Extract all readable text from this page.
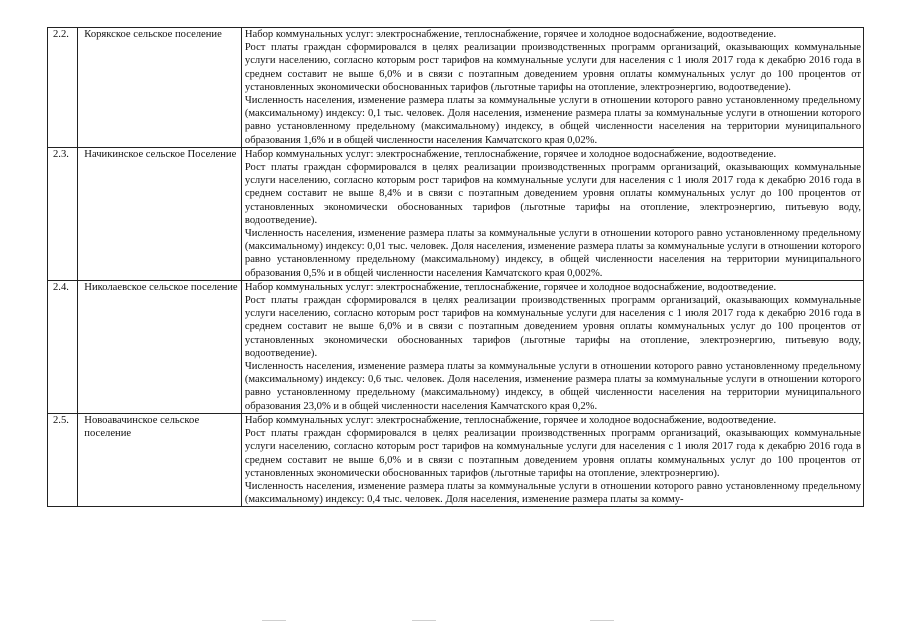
2.2.	Корякское сельское поселение	Набор коммунальных услуг: электроснабжение, теплоснабжение, горячее и холодное водоснабжение, водоотведение.

Рост платы граждан сформировался в целях реализации производственных программ организаций, оказывающих коммунальные услуги населению, согласно которым рост тарифов на коммунальные услуги для населения с 1 июля 2017 года к декабрю 2016 года в среднем составит не выше 6,0% и в связи с поэтапным доведением уровня оплаты коммунальных услуг до 100 процентов от установленных экономически обоснованных тарифов (льготные тарифы на отопление, электроэнергию, водоотведение).

Численность населения, изменение размера платы за коммунальные услуги в отношении которого равно установленному предельному (максимальному) индексу: 0,1 тыс. человек. Доля населения, изменение размера платы за коммунальные услуги в отношении которого равно установленному предельному (максимальному) индексу, в общей численности населения на территории муниципального образования 1,6% и в общей численности населения Камчатского края 0,02%.

2.3.	Начикинское сельское Поселение	Набор коммунальных услуг: электроснабжение, теплоснабжение, горячее и холодное водоснабжение, водоотведение.

Рост платы граждан сформировался в целях реализации производственных программ организаций, оказывающих коммунальные услуги населению, согласно которым рост тарифов на коммунальные услуги для населения с 1 июля 2017 года к декабрю 2016 года в среднем составит не выше 8,4% и в связи с поэтапным доведением уровня оплаты коммунальных услуг до 100 процентов от установленных экономически обоснованных тарифов (льготные тарифы на отопление, электроэнергию, питьевую воду, водоотведение).

Численность населения, изменение размера платы за коммунальные услуги в отношении которого равно установленному предельному (максимальному) индексу: 0,01 тыс. человек. Доля населения, изменение размера платы за коммунальные услуги в отношении которого равно установленному предельному (максимальному) индексу, в общей численности населения на территории муниципального образования 0,5% и в общей численности населения Камчатского края 0,002%.

2.4.	Николаевское сельское поселение	Набор коммунальных услуг: электроснабжение, теплоснабжение, горячее и холодное водоснабжение, водоотведение.

Рост платы граждан сформировался в целях реализации производственных программ организаций, оказывающих коммунальные услуги населению, согласно которым рост тарифов на коммунальные услуги для населения с 1 июля 2017 года к декабрю 2016 года в среднем составит не выше 6,0% и в связи с поэтапным доведением уровня оплаты коммунальных услуг до 100 процентов от установленных экономически обоснованных тарифов (льготные тарифы на отопление, электроэнергию, питьевую воду, водоотведение).

Численность населения, изменение размера платы за коммунальные услуги в отношении которого равно установленному предельному (максимальному) индексу: 0,6 тыс. человек. Доля населения, изменение размера платы за коммунальные услуги в отношении которого равно установленному предельному (максимальному) индексу, в общей численности населения на территории муниципального образования 23,0% и в общей численности населения Камчатского края 0,2%.

2.5.	Новоавачинское сельское поселение	Набор коммунальных услуг: электроснабжение, теплоснабжение, горячее и холодное водоснабжение, водоотведение.

Рост платы граждан сформировался в целях реализации производственных программ организаций, оказывающих коммунальные услуги населению, согласно которым рост тарифов на коммунальные услуги для населения с 1 июля 2017 года к декабрю 2016 года в среднем составит не выше 6,0% и в связи с поэтапным доведением уровня оплаты коммунальных услуг до 100 процентов от установленных экономически обоснованных тарифов (льготные тарифы на отопление, электроэнергию).

Численность населения, изменение размера платы за коммунальные услуги в отношении которого равно установленному предельному (максимальному) индексу: 0,4 тыс. человек. Доля населения, изменение размера платы за комму-
